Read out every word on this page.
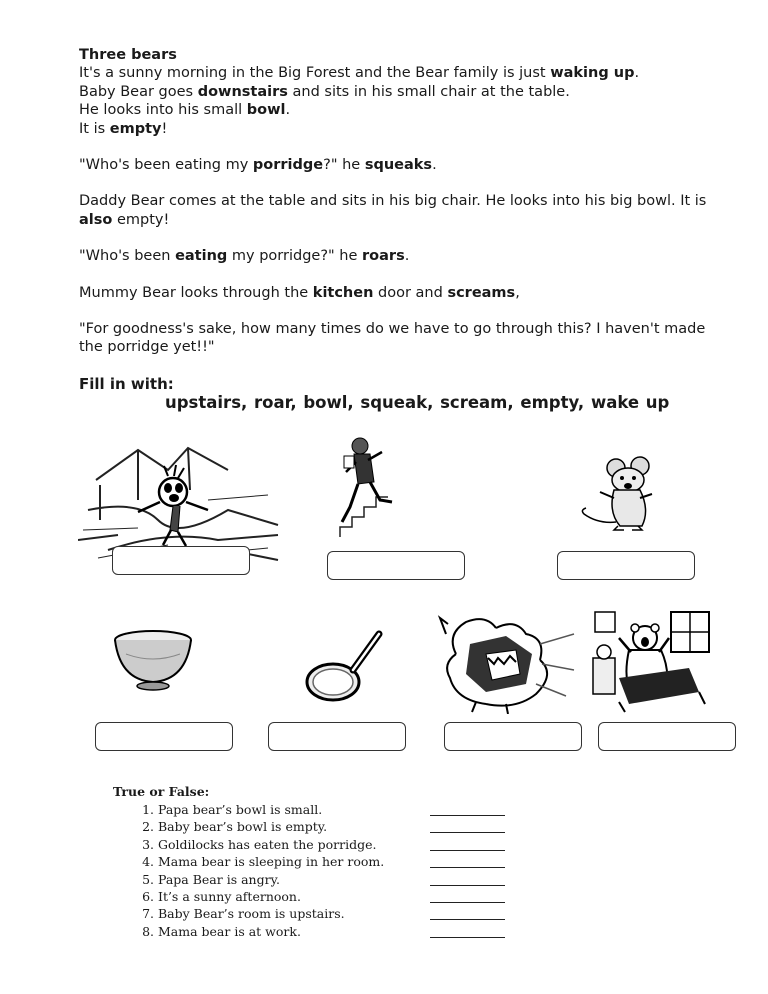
Three bears

It's a sunny morning in the Big Forest and the Bear family is just waking up.

Baby Bear goes downstairs and sits in his small chair at the table.

He looks into his small bowl.

It is empty!

"Who's been eating my porridge?" he squeaks.

Daddy Bear comes at the table and sits in his big chair. He looks into his big bowl. It is also empty!

"Who's been eating my porridge?" he roars.

Mummy Bear looks through the kitchen door and screams,

"For goodness's sake, how many times do we have to go through this? I haven't made the porridge yet!!"

Fill in with:
upstairs, roar, bowl, squeak, scream, empty, wake up
True or False:
1. Papa bear’s bowl is small.
2. Baby bear’s bowl is empty.
3. Goldilocks has eaten the porridge.
4. Mama bear is sleeping in her room.
5. Papa Bear is angry.
6. It’s a sunny afternoon.
7. Baby Bear’s room is upstairs.
8. Mama bear is at work.
